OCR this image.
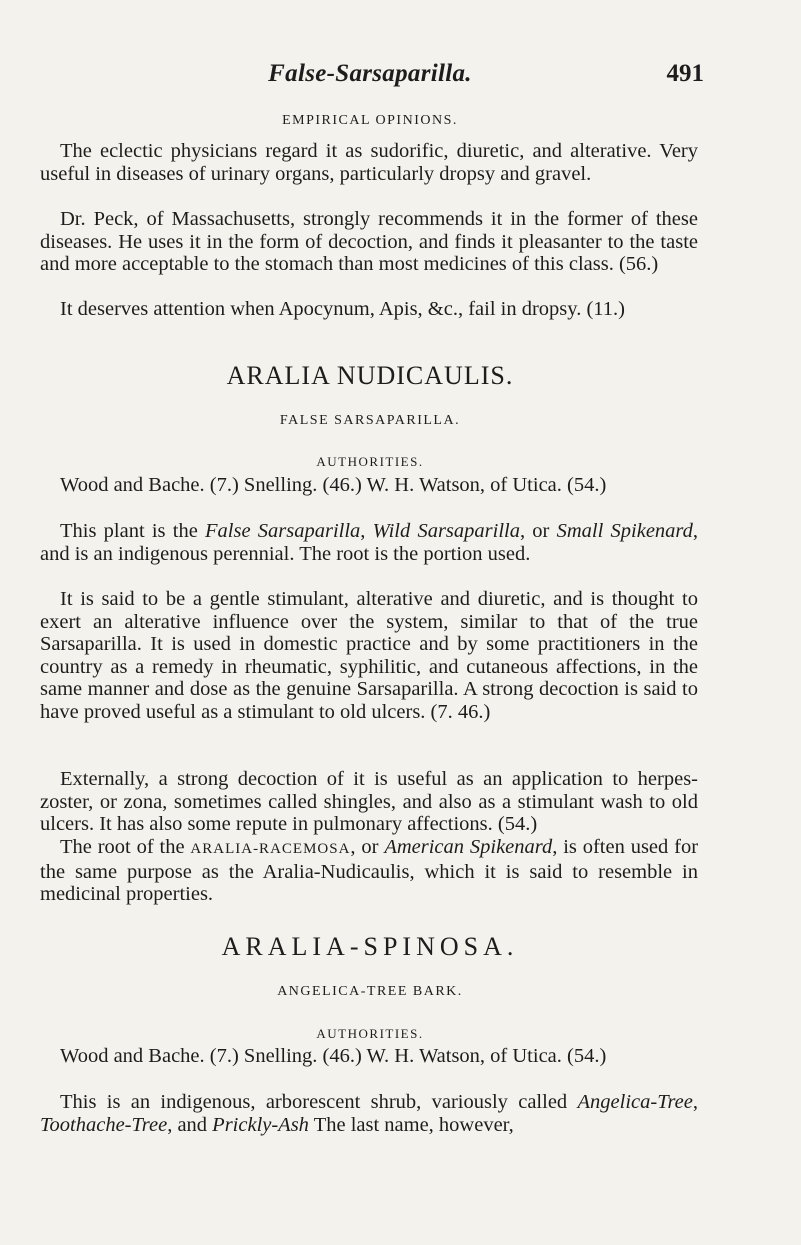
False-Sarsaparilla.	491
EMPIRICAL OPINIONS.

The eclectic physicians regard it as sudorific, diuretic, and alterative. Very useful in diseases of urinary organs, particularly dropsy and gravel.

Dr. Peck, of Massachusetts, strongly recommends it in the former of these diseases. He uses it in the form of decoction, and finds it pleasanter to the taste and more acceptable to the stomach than most medicines of this class. (56.)

It deserves attention when Apocynum, Apis, &c., fail in dropsy. (11.)

ARALIA NUDICAULIS.
FALSE SARSAPARILLA.
AUTHORITIES.

Wood and Bache. (7.) Snelling. (46.) W. H. Watson, of Utica. (54.)

This plant is the False Sarsaparilla, Wild Sarsaparilla, or Small Spikenard, and is an indigenous perennial. The root is the portion used.

It is said to be a gentle stimulant, alterative and diuretic, and is thought to exert an alterative influence over the system, similar to that of the true Sarsaparilla. It is used in domestic practice and by some practitioners in the country as a remedy in rheumatic, syphilitic, and cutaneous affections, in the same manner and dose as the genuine Sarsaparilla. A strong decoction is said to have proved useful as a stimulant to old ulcers. (7. 46.)

Externally, a strong decoction of it is useful as an application to herpes-zoster, or zona, sometimes called shingles, and also as a stimulant wash to old ulcers. It has also some repute in pulmonary affections. (54.)

The root of the ARALIA-RACEMOSA, or American Spikenard, is often used for the same purpose as the Aralia-Nudicaulis, which it is said to resemble in medicinal properties.

ARALIA-SPINOSA.
ANGELICA-TREE BARK.
AUTHORITIES.

Wood and Bache. (7.) Snelling. (46.) W. H. Watson, of Utica. (54.)

This is an indigenous, arborescent shrub, variously called Angelica-Tree, Toothache-Tree, and Prickly-Ash The last name, however,
